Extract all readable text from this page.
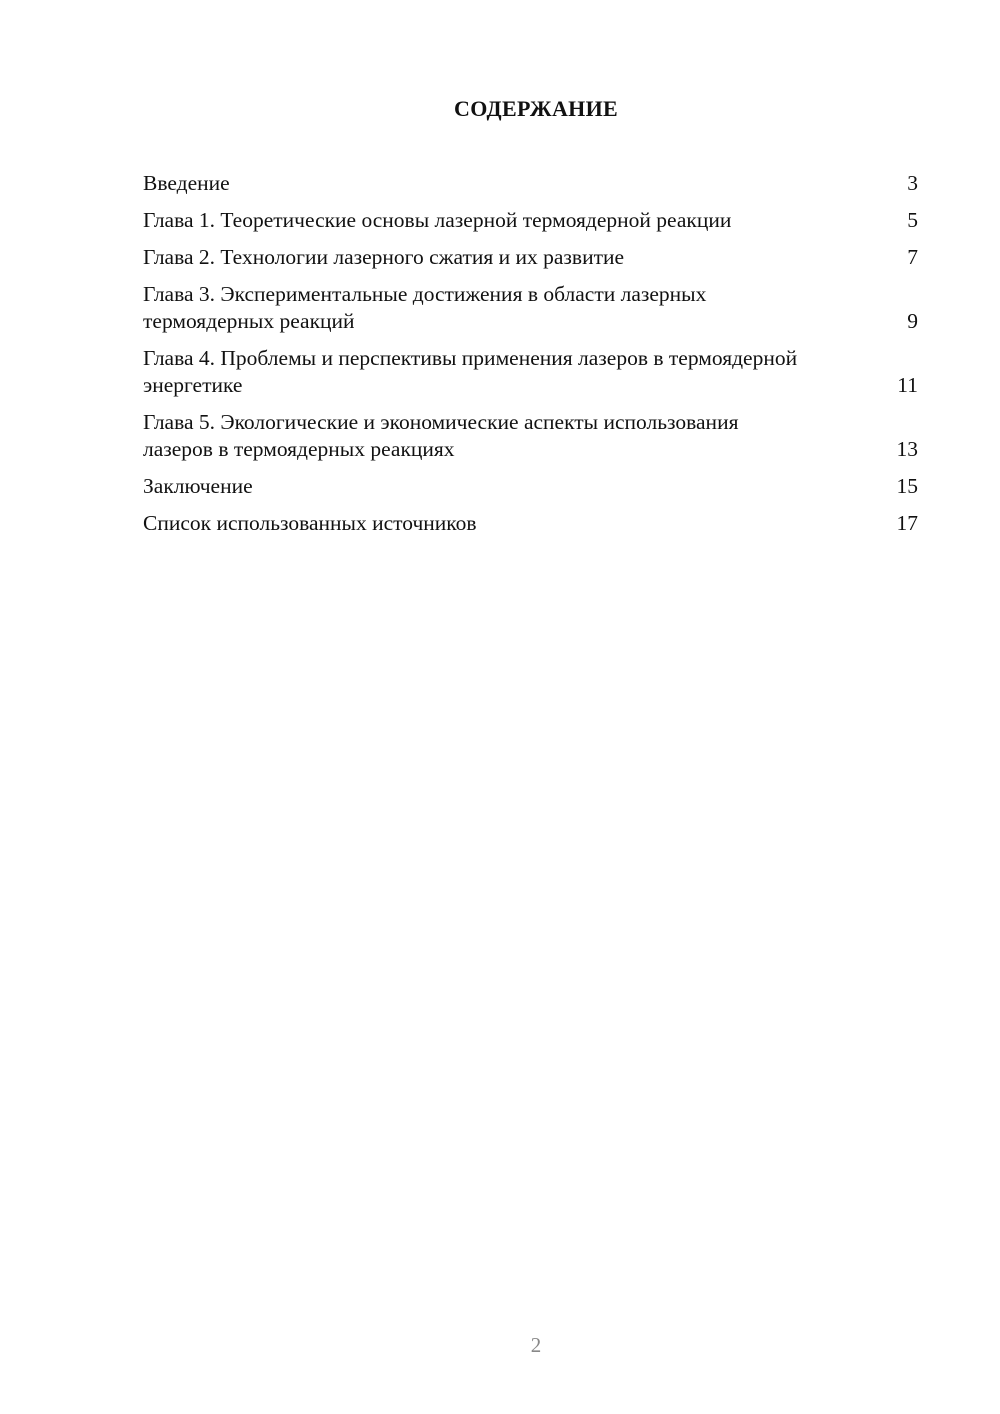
СОДЕРЖАНИЕ
Введение	3
Глава 1. Теоретические основы лазерной термоядерной реакции	5
Глава 2. Технологии лазерного сжатия и их развитие	7
Глава 3. Экспериментальные достижения в области лазерных термоядерных реакций	9
Глава 4. Проблемы и перспективы применения лазеров в термоядерной энергетике	11
Глава 5. Экологические и экономические аспекты использования лазеров в термоядерных реакциях	13
Заключение	15
Список использованных источников	17
2
